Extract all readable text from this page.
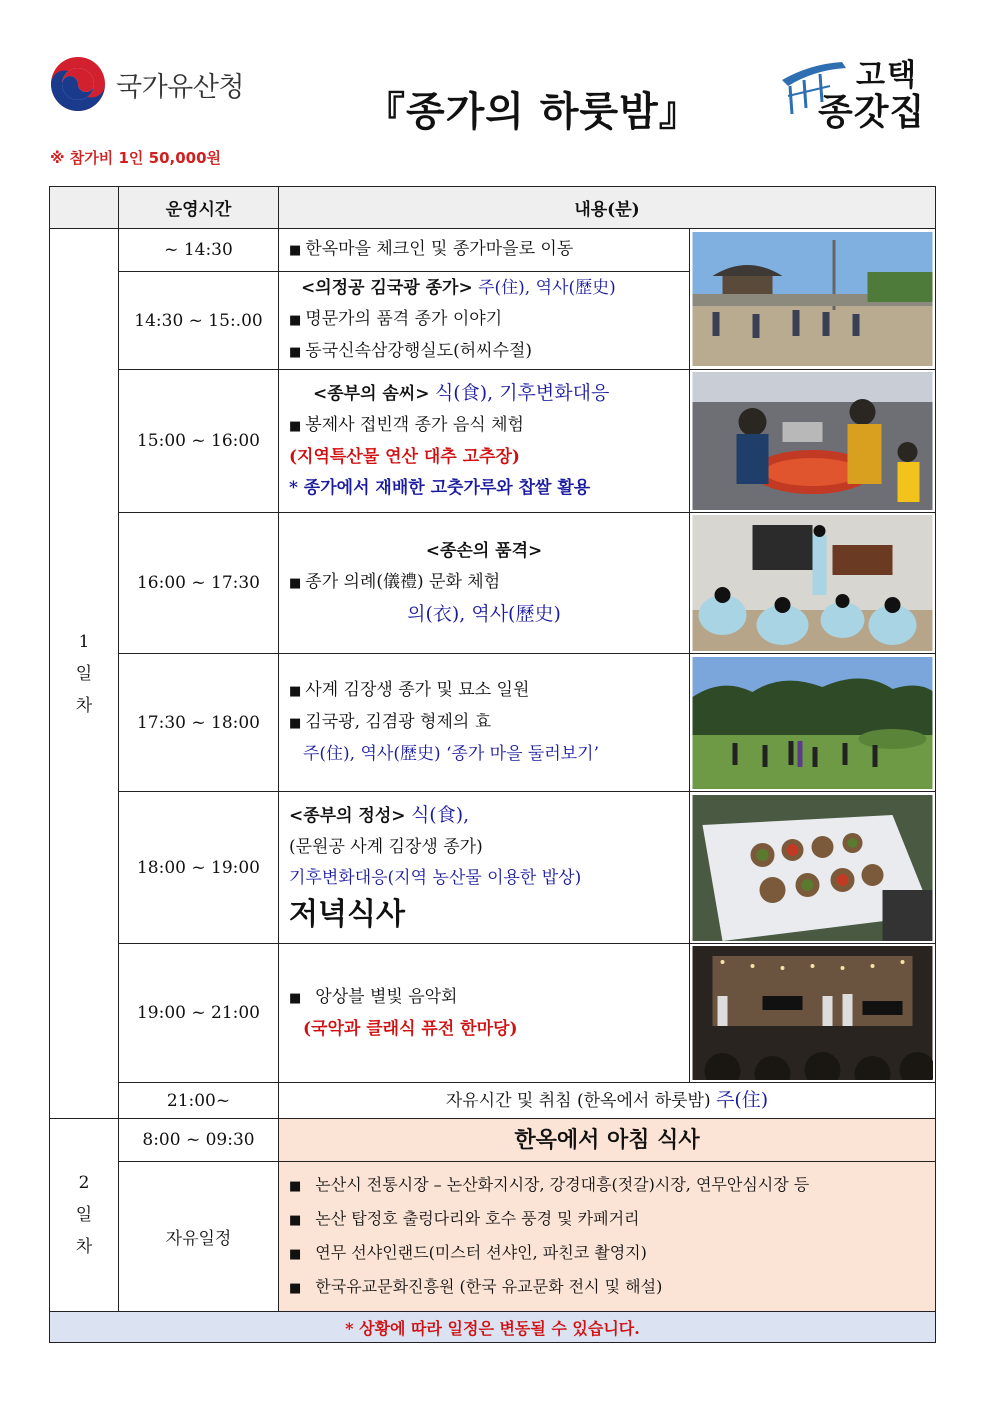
국가유산청
『종가의 하룻밤』
고택
종갓집
※ 참가비 1인 50,000원
	운영시간	내용(분)	

1
일
차	~ 14:30	■ 한옥마을 체크인 및 종가마을로 이동	

	14:30 ~ 15:.00	<의정공 김국광 종가> 주(住), 역사(歷史)
■ 명문가의 품격 종가 이야기
■ 동국신속삼강행실도(허씨수절)	

	15:00 ~ 16:00	<종부의 솜씨> 식(食), 기후변화대응
■ 봉제사 접빈객 종가 음식 체험
(지역특산물 연산 대추 고추장)
* 종가에서 재배한 고춧가루와 찹쌀 활용

	16:00 ~ 17:30	<종손의 품격>
■ 종가 의례(儀禮) 문화 체험
의(衣), 역사(歷史)

	17:30 ~ 18:00	■ 사계 김장생 종가 및 묘소 일원
■ 김국광, 김겸광 형제의 효
주(住), 역사(歷史) ‘종가 마을 둘러보기’

	18:00 ~ 19:00	<종부의 정성> 식(食),
(문원공 사계 김장생 종가)
기후변화대응(지역 농산물 이용한 밥상)
저녁식사

	19:00 ~ 21:00	■ 앙상블 별빛 음악회
(국악과 클래식 퓨전 한마당)

	21:00~	자유시간 및 취침 (한옥에서 하룻밤) 주(住)	

2
일
차	8:00 ~ 09:30	한옥에서 아침 식사	
	자유일정	■ 논산시 전통시장 – 논산화지시장, 강경대흥(젓갈)시장, 연무안심시장 등
■ 논산 탑정호 출렁다리와 호수 풍경 및 카페거리
■ 연무 선샤인랜드(미스터 션샤인, 파친코 촬영지)
■ 한국유교문화진흥원 (한국 유교문화 전시 및 해설)	

* 상황에 따라 일정은 변동될 수 있습니다.			
